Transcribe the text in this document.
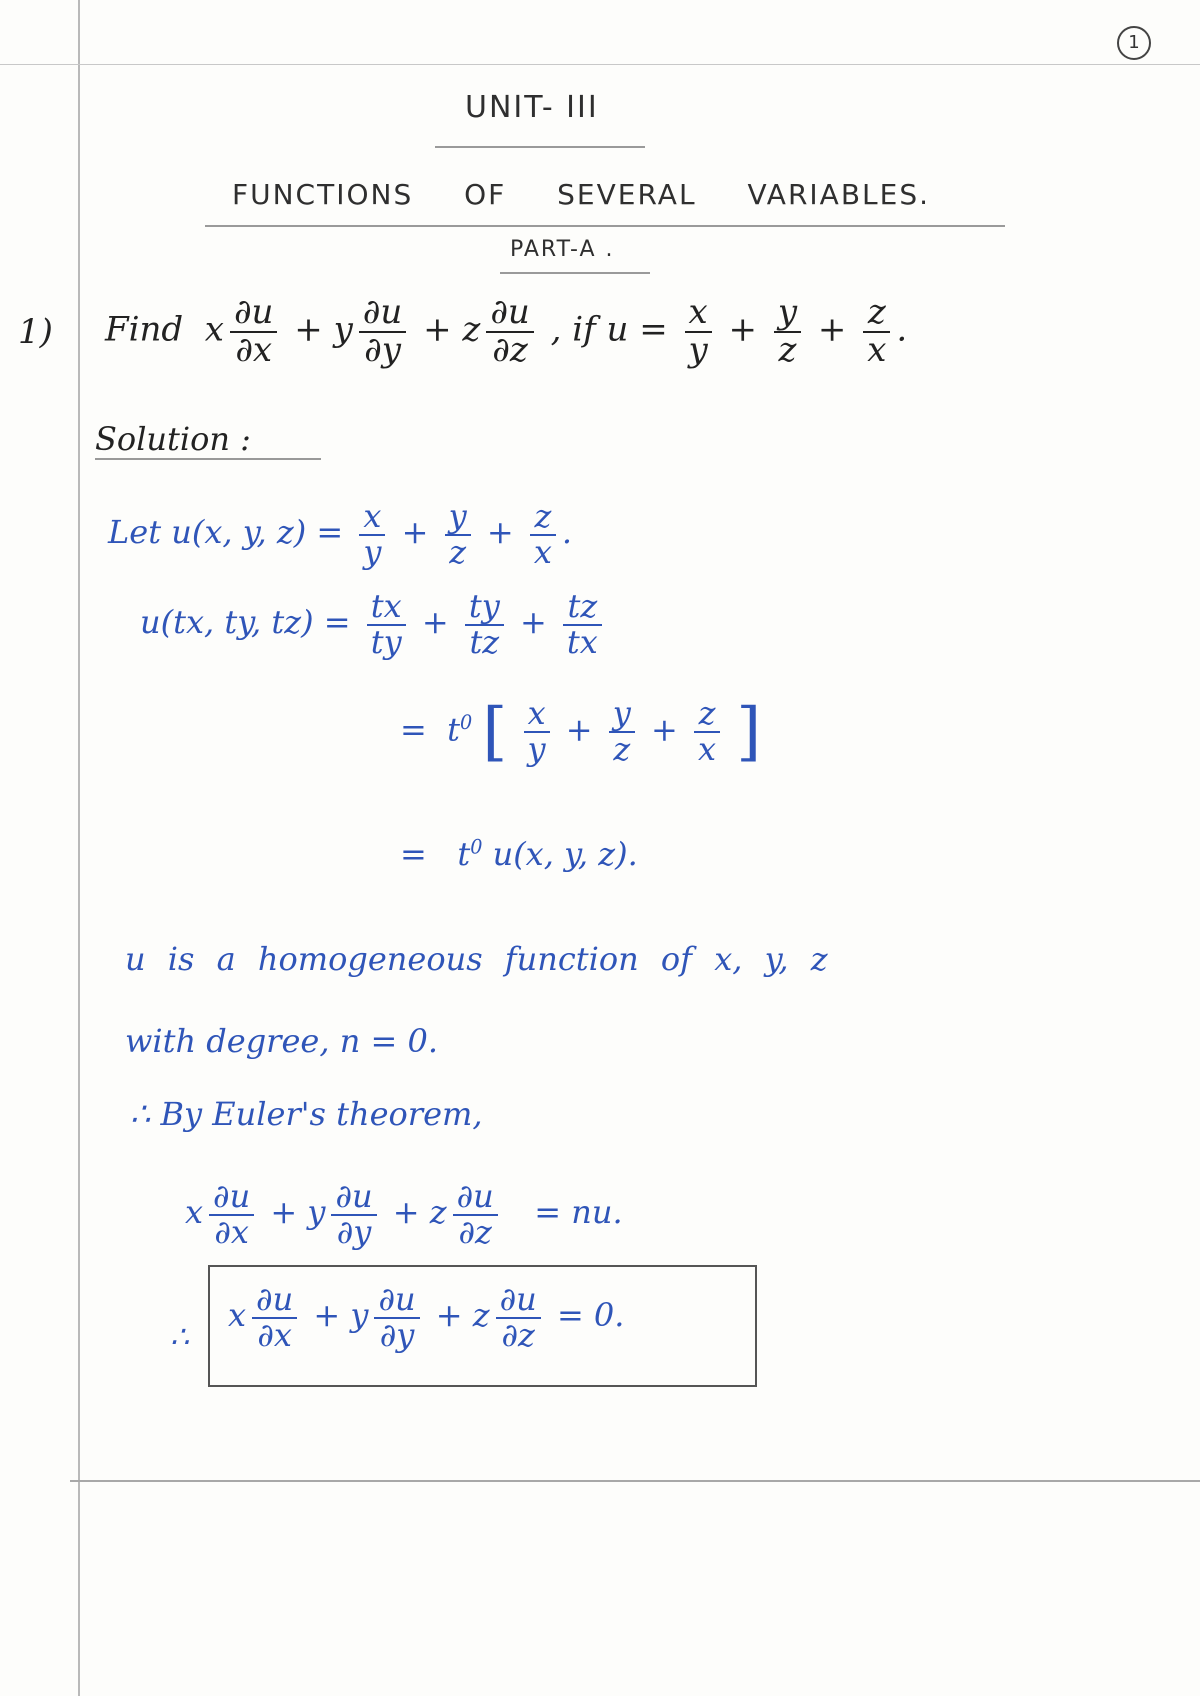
1
UNIT- III
FUNCTIONS OF SEVERAL VARIABLES.
PART-A .
1) Find x $\frac{\partial u}{\partial x} + y \frac{\partial u}{\partial y} + z \frac{\partial u}{\partial z}$ , if $u = \frac{x}{y} + \frac{y}{z} + \frac{z}{x}$ .
Solution :
Let u(x, y, $z) = \frac{x}{y} + \frac{y}{z} + \frac{z}{x}$ .
u(tx, ty, $tz) = \frac{tx}{ty} + \frac{ty}{tz} + \frac{tz}{tx}$
= $t^0$ [ $\frac{x}{y} + \frac{y}{z} + \frac{z}{x}$ ]
= $t^0$ u(x, y, z).
u is a homogeneous function of x, y, z
with degree, n = 0.
∴ By Euler's theorem,
x $\frac{\partial u}{\partial x} + y \frac{\partial u}{\partial y} + z \frac{\partial u}{\partial z}$ = nu.
∴
x $\frac{\partial u}{\partial x} + y \frac{\partial u}{\partial y} + z \frac{\partial u}{\partial z} = 0$.
